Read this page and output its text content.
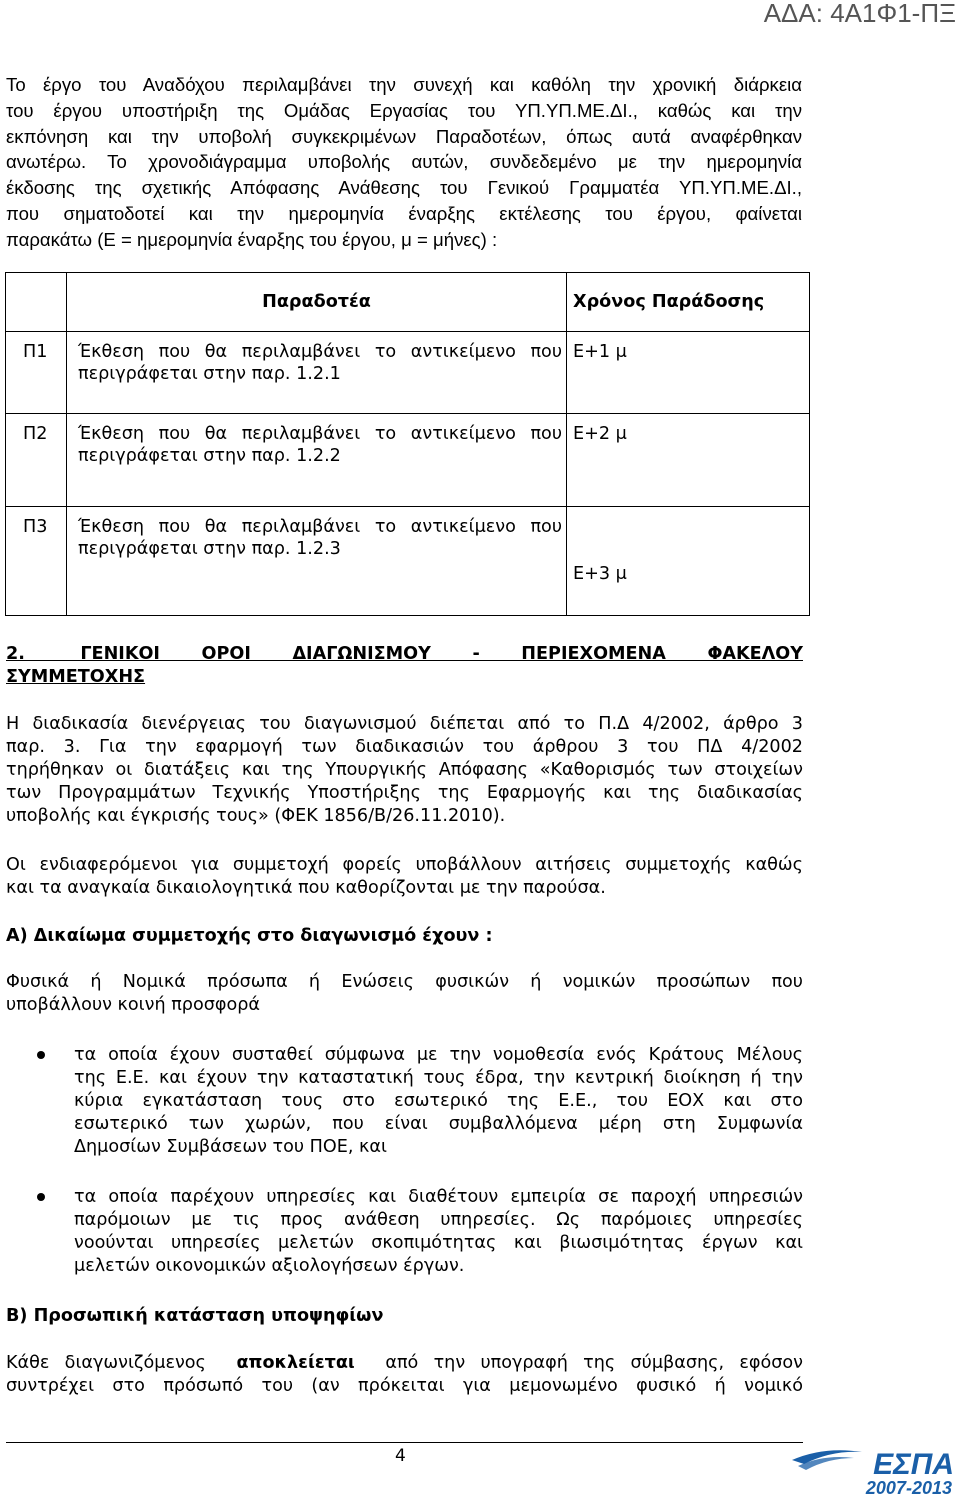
ΑΔΑ: 4Α1Φ1-ΠΞ
Το έργο του Αναδόχου περιλαμβάνει την συνεχή και καθόλη την χρονική διάρκεια
του έργου υποστήριξη της Ομάδας Εργασίας του ΥΠ.ΥΠ.ΜΕ.ΔΙ., καθώς και την
εκπόνηση και την υποβολή συγκεκριμένων Παραδοτέων, όπως αυτά αναφέρθηκαν
ανωτέρω. Το χρονοδιάγραμμα υποβολής αυτών, συνδεδεμένο με την ημερομηνία
έκδοσης της σχετικής Απόφασης Ανάθεσης του Γενικού Γραμματέα ΥΠ.ΥΠ.ΜΕ.ΔΙ.,
που σηματοδοτεί και την ημερομηνία έναρξης εκτέλεσης του έργου, φαίνεται
παρακάτω (Ε = ημερομηνία έναρξης του έργου, μ = μήνες) :
	Παραδοτέα	Χρόνος Παράδοσης
Π1	Έκθεση που θα περιλαμβάνει το αντικείμενο που
περιγράφεται στην παρ. 1.2.1	Ε+1 μ
Π2	Έκθεση που θα περιλαμβάνει το αντικείμενο που
περιγράφεται στην παρ. 1.2.2	Ε+2 μ
Π3	Έκθεση που θα περιλαμβάνει το αντικείμενο που
περιγράφεται στην παρ. 1.2.3	Ε+3 μ
2.    ΓΕΝΙΚΟΙ   ΟΡΟΙ   ΔΙΑΓΩΝΙΣΜΟΥ   -   ΠΕΡΙΕΧΟΜΕΝΑ   ΦΑΚΕΛΟΥ
ΣΥΜΜΕΤΟΧΗΣ
Η διαδικασία διενέργειας του διαγωνισμού διέπεται από το Π.Δ 4/2002, άρθρο 3
παρ. 3. Για την εφαρμογή των διαδικασιών του άρθρου 3 του ΠΔ 4/2002
τηρήθηκαν οι διατάξεις και της Υπουργικής Απόφασης «Καθορισμός των στοιχείων
των Προγραμμάτων Τεχνικής Υποστήριξης της Εφαρμογής και της διαδικασίας
υποβολής και έγκρισής τους» (ΦΕΚ 1856/Β/26.11.2010).
Οι ενδιαφερόμενοι για συμμετοχή φορείς υποβάλλουν αιτήσεις συμμετοχής καθώς
και τα αναγκαία δικαιολογητικά που καθορίζονται με την παρούσα.
Α) Δικαίωμα συμμετοχής στο διαγωνισμό έχουν :
Φυσικά ή Νομικά πρόσωπα ή Ενώσεις φυσικών ή νομικών προσώπων που
υποβάλλουν κοινή προσφορά
τα οποία έχουν συσταθεί σύμφωνα με την νομοθεσία ενός Κράτους Μέλους
της Ε.Ε. και έχουν την καταστατική τους έδρα, την κεντρική διοίκηση ή την
κύρια εγκατάσταση τους στο εσωτερικό της Ε.Ε., του ΕΟΧ και στο
εσωτερικό των χωρών, που είναι συμβαλλόμενα μέρη στη Συμφωνία
Δημοσίων Συμβάσεων του ΠΟΕ, και
τα οποία παρέχουν υπηρεσίες και διαθέτουν εμπειρία σε παροχή υπηρεσιών
παρόμοιων με τις προς ανάθεση υπηρεσίες. Ως παρόμοιες υπηρεσίες
νοούνται υπηρεσίες μελετών σκοπιμότητας και βιωσιμότητας έργων και
μελετών οικονομικών αξιολογήσεων έργων.
Β) Προσωπική κατάσταση υποψηφίων
Κάθε διαγωνιζόμενος αποκλείεται από την υπογραφή της σύμβασης, εφόσον
συντρέχει στο πρόσωπό του (αν πρόκειται για μεμονωμένο φυσικό ή νομικό
4	ΕΣΠΑ
2007-2013
